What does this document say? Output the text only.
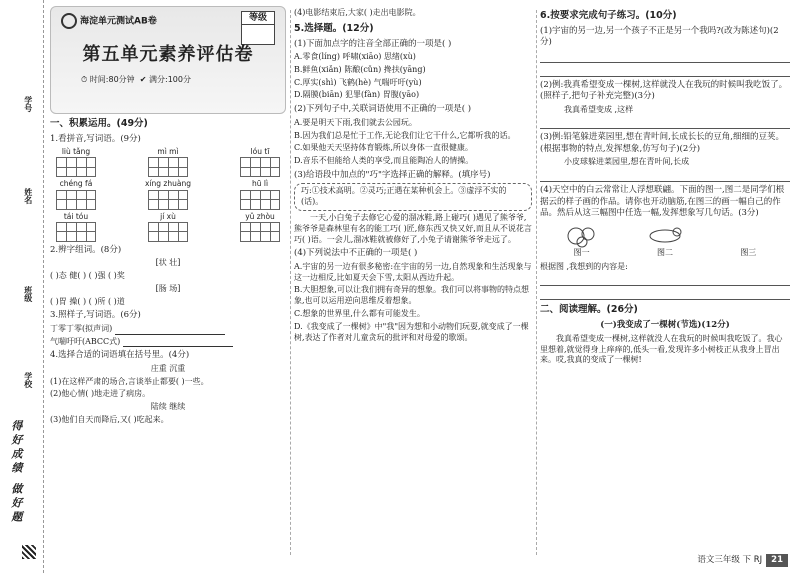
学号
姓名
班级
学校
得好成绩 做好题
海淀单元测试AB卷	等级
第五单元素养评估卷
⏱ 时间:80分钟  ✔ 满分:100分
一、积累运用。(49分)
1.看拼音,写词语。(9分)
liù tǎng	mì mì	lóu tī
chéng fá	xíng zhuàng	hū lì
tái tóu	jí xù	yǔ zhòu
2.辨字组词。(8分)
[状 壮]
( )态 健( ) ( )强 ( )奖
[肠 场]
( )胃 操( ) ( )所 ( )道
3.照样子,写词语。(6分)
丁零丁零(拟声词)
气喘吁吁(ABCC式)
4.选择合适的词语填在括号里。(4分)
庄重 沉重
(1)在这样严肃的场合,言谈举止都要( )一些。
(2)他心情( )地走进了病房。
陆续 继续
(3)他们自天而降后,又( )吃起来。
(4)电影结束后,大家( )走出电影院。
5.选择题。(12分)
(1)下面加点字的注音全部正确的一项是( )
A.零食(líng) 呼啸(xiāo) 思绪(xù)
B.鲜鱼(xiǎn) 陈酿(cǔn) 搀扶(yāng)
C.厚实(shì) 飞鹤(hè) 气喘吁吁(yù)
D.隔膜(biān) 犯罪(fàn) 胃腹(yāo)
(2)下列句子中,关联词语使用不正确的一项是( )
A.要是明天下雨,我们就去公园玩。
B.因为我们总是忙于工作,无论我们让它干什么,它都听我的话。
C.如果他天天坚持体育锻炼,所以身体一直很健康。
D.音乐不但能给人类的享受,而且能陶冶人的情操。
(3)给语段中加点的"巧"字选择正确的解释。(填序号)
巧:①技术高明。②灵巧;正遇在某种机会上。③虚浮不实的(话)。
一天,小白兔子去修它心爱的溜冰鞋,路上碰巧( )遇见了熊爷爷,熊爷爷是森林里有名的能工巧( )匠,修东西又快又好,而且从不说花言巧( )语。一会儿,溜冰鞋就被修好了,小兔子请谢熊爷爷走远了。
(4)下列说法中不正确的一项是( )
A.宇宙的另一边有很多秘密:在宇宙的另一边,自然现象和生活现象与这一边相反,比如夏天会下雪,太阳从西边升起。
B.大胆想象,可以让我们拥有奇异的想象。我们可以将事物的特点想象,也可以运用逆向思维反着想象。
C.想象的世界里,什么都有可能发生。
D.《我变成了一棵树》中"我"因为想和小动物们玩耍,就变成了一棵树,表达了作者对儿童贪玩的批评和对母爱的歌颂。
6.按要求完成句子练习。(10分)
(1)宇宙的另一边,另一个孩子不正是另一个我吗?(改为陈述句)(2分)
(2)例:我真希望变成一棵树,这样就没人在我玩的时候叫我吃饭了。(照样子,把句子补充完整)(3分)
我真希望变成 ,这样
(3)例:铅笔躲进菜园里,想在青叶间,长成长长的豆角,细细的豆荚。(根据事物的特点,发挥想象,仿写句子)(2分)
小皮球躲进菜园里,想在青叶间,长成
(4)天空中的白云常常让人浮想联翩。下面的图一,图二是同学们根据云的样子画的作品。请你也开动脑筋,在图三的画一幅自己的作品。然后从这三幅图中任选一幅,发挥想象写几句话。(3分)
图一	图二	图三
根据图 ,我想到的内容是:
二、阅读理解。(26分)
(一)我变成了一棵树(节选)(12分)
我真希望变成一棵树,这样就没人在我玩的时候叫我吃饭了。我心里想着,就觉得身上痒痒的,低头一看,发现许多小树枝正从我身上冒出来。哎,我真的变成了一棵树!
语文三年级 下 RJ 21
